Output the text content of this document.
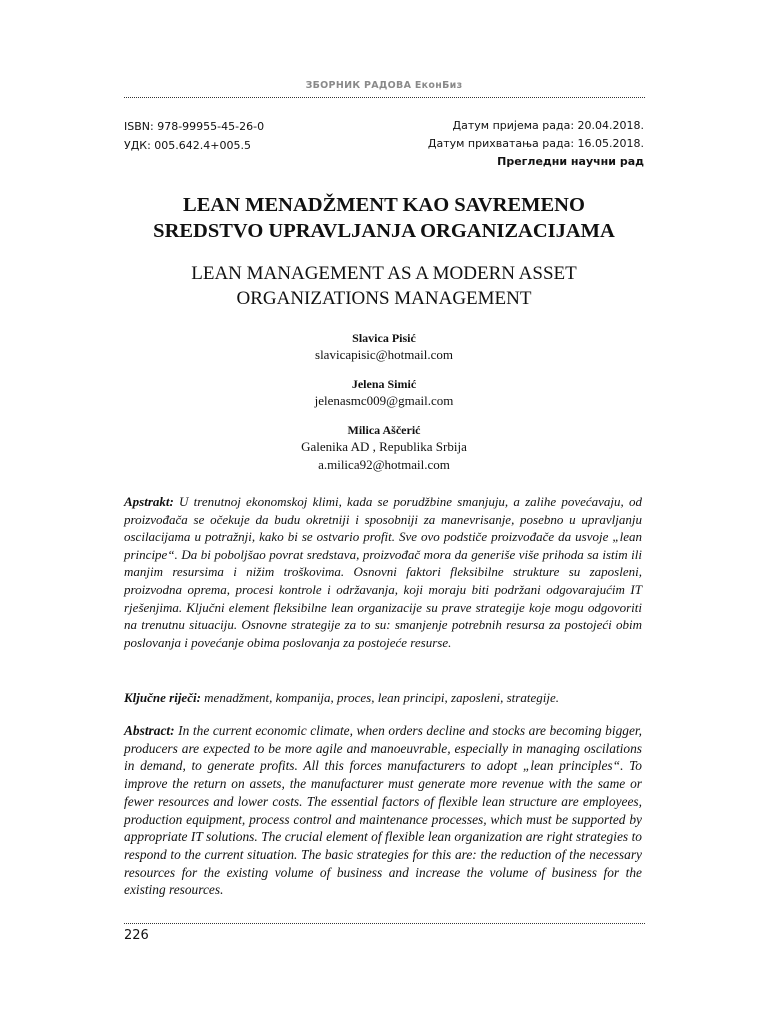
ЗБОРНИК РАДОВА ЕконБиз
ISBN: 978-99955-45-26-0
УДК: 005.642.4+005.5
Датум пријема рада: 20.04.2018.
Датум прихватања рада: 16.05.2018.
Прегледни научни рад
LEAN MENADŽMENT KAO SAVREMENO
SREDSTVO UPRAVLJANJA ORGANIZACIJAMA
LEAN MANAGEMENT AS A MODERN ASSET
ORGANIZATIONS MANAGEMENT
Slavica Pisić
slavicapisic@hotmail.com
Jelena Simić
jelenasmc009@gmail.com
Milica Aščerić
Galenika AD , Republika Srbija
a.milica92@hotmail.com
Apstrakt: U trenutnoj ekonomskoj klimi, kada se porudžbine smanjuju, a zalihe povećavaju, od proizvođača se očekuje da budu okretniji i sposobniji za manevrisanje, posebno u upravljanju oscilacijama u potražnji, kako bi se ostvario profit. Sve ovo podstiče proizvođače da usvoje „lean principe“. Da bi poboljšao povrat sredstava, proizvođač mora da generiše više prihoda sa istim ili manjim resursima i nižim troškovima. Osnovni faktori fleksibilne strukture su zaposleni, proizvodna oprema, procesi kontrole i održavanja, koji moraju biti podržani odgovarajućim IT rješenjima. Ključni element fleksibilne lean organizacije su prave strategije koje mogu odgovoriti na trenutnu situaciju. Osnovne strategije za to su: smanjenje potrebnih resursa za postojeći obim poslovanja i povećanje obima poslovanja za postojeće resurse.
Ključne riječi: menadžment, kompanija, proces, lean principi, zaposleni, strategije.
Abstract: In the current economic climate, when orders decline and stocks are becoming bigger, producers are expected to be more agile and manoeuvrable, especially in managing oscilations in demand, to generate profits. All this forces manufacturers to adopt „lean principles“. To improve the return on assets, the manufacturer must generate more revenue with the same or fewer resources and lower costs. The essential factors of flexible lean structure are employees, production equipment, process control and maintenance processes, which must be supported by appropriate IT solutions. The crucial element of flexible lean organization are right strategies to respond to the current situation. The basic strategies for this are: the reduction of the necessary resources for the existing volume of business and increase the volume of business for the existing resources.
226
